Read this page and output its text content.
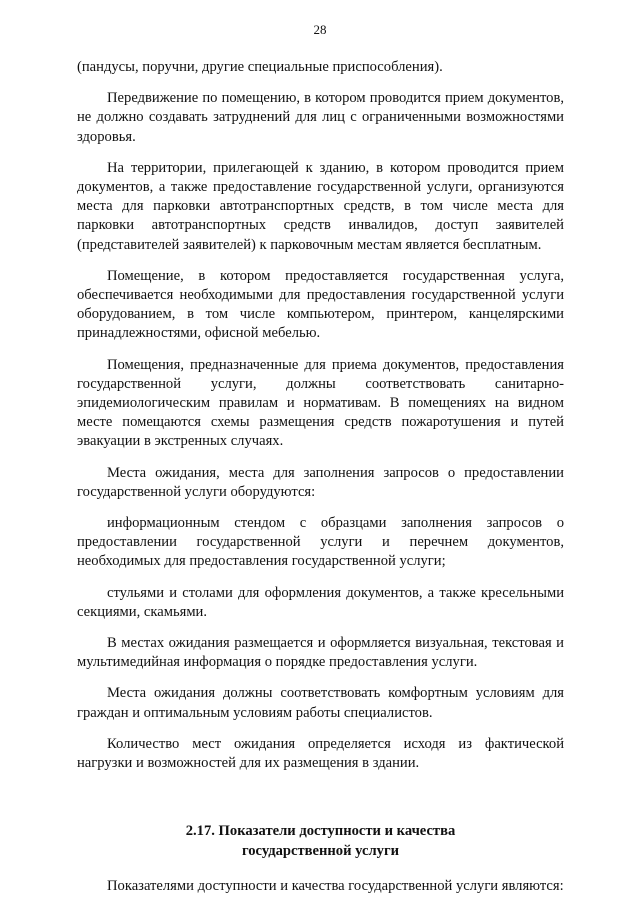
28

(пандусы, поручни, другие специальные приспособления).

Передвижение по помещению, в котором проводится прием документов, не должно создавать затруднений для лиц с ограниченными возможностями здоровья.

На территории, прилегающей к зданию, в котором проводится прием документов, а также предоставление государственной услуги, организуются места для парковки автотранспортных средств, в том числе места для парковки автотранспортных средств инвалидов, доступ заявителей (представителей заявителей) к парковочным местам является бесплатным.

Помещение, в котором предоставляется государственная услуга, обеспечивается необходимыми для предоставления государственной услуги оборудованием, в том числе компьютером, принтером, канцелярскими принадлежностями, офисной мебелью.

Помещения, предназначенные для приема документов, предоставления государственной услуги, должны соответствовать санитарно-эпидемиологическим правилам и нормативам. В помещениях на видном месте помещаются схемы размещения средств пожаротушения и путей эвакуации в экстренных случаях.

Места ожидания, места для заполнения запросов о предоставлении государственной услуги оборудуются:

информационным стендом с образцами заполнения запросов о предоставлении государственной услуги и перечнем документов, необходимых для предоставления государственной услуги;

стульями и столами для оформления документов, а также кресельными секциями, скамьями.

В местах ожидания размещается и оформляется визуальная, текстовая и мультимедийная информация о порядке предоставления услуги.

Места ожидания должны соответствовать комфортным условиям для граждан и оптимальным условиям работы специалистов.

Количество мест ожидания определяется исходя из фактической нагрузки и возможностей для их размещения в здании.

2.17. Показатели доступности и качества
государственной услуги

Показателями доступности и качества государственной услуги являются:
